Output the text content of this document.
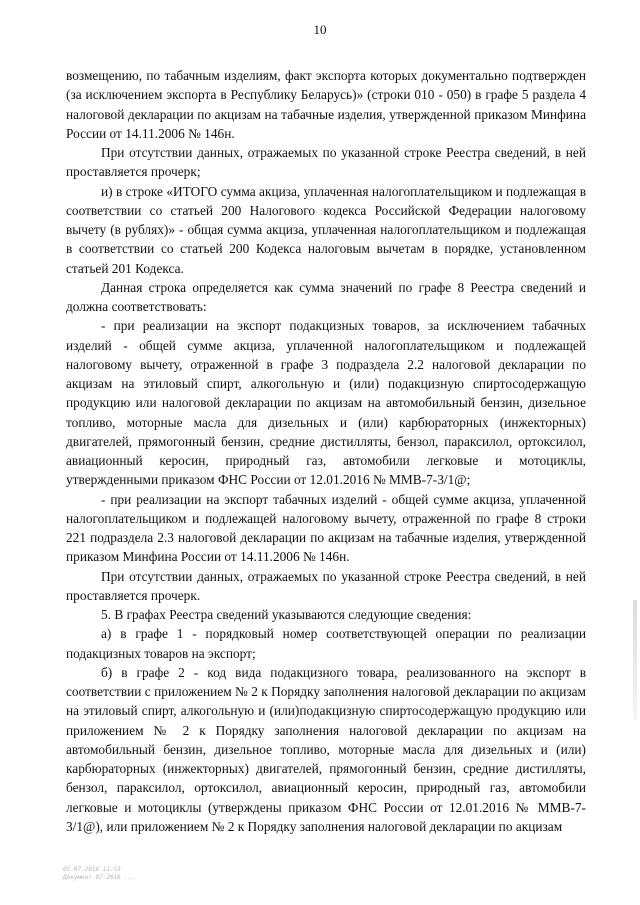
10

возмещению, по табачным изделиям, факт экспорта которых документально подтвержден (за исключением экспорта в Республику Беларусь)» (строки 010 - 050) в графе 5 раздела 4 налоговой декларации по акцизам на табачные изделия, утвержденной приказом Минфина России от 14.11.2006 № 146н.

При отсутствии данных, отражаемых по указанной строке Реестра сведений, в ней проставляется прочерк;

и) в строке «ИТОГО сумма акциза, уплаченная налогоплательщиком и подлежащая в соответствии со статьей 200 Налогового кодекса Российской Федерации налоговому вычету (в рублях)» - общая сумма акциза, уплаченная налогоплательщиком и подлежащая в соответствии со статьей 200 Кодекса налоговым вычетам в порядке, установленном статьей 201 Кодекса.

Данная строка определяется как сумма значений по графе 8 Реестра сведений и должна соответствовать:

- при реализации на экспорт подакцизных товаров, за исключением табачных изделий - общей сумме акциза, уплаченной налогоплательщиком и подлежащей налоговому вычету, отраженной в графе 3 подраздела 2.2 налоговой декларации по акцизам на этиловый спирт, алкогольную и (или) подакцизную спиртосодержащую продукцию или налоговой декларации по акцизам на автомобильный бензин, дизельное топливо, моторные масла для дизельных и (или) карбюраторных (инжекторных) двигателей, прямогонный бензин, средние дистилляты, бензол, параксилол, ортоксилол, авиационный керосин, природный газ, автомобили легковые и мотоциклы, утвержденными приказом ФНС России от 12.01.2016 № ММВ-7-3/1@;

- при реализации на экспорт табачных изделий - общей сумме акциза, уплаченной налогоплательщиком и подлежащей налоговому вычету, отраженной по графе 8 строки 221 подраздела 2.3 налоговой декларации по акцизам на табачные изделия, утвержденной приказом Минфина России от 14.11.2006 № 146н.

При отсутствии данных, отражаемых по указанной строке Реестра сведений, в ней проставляется прочерк.

5. В графах Реестра сведений указываются следующие сведения:

а) в графе 1 - порядковый номер соответствующей операции по реализации подакцизных товаров на экспорт;

б) в графе 2 - код вида подакцизного товара, реализованного на экспорт в соответствии с приложением № 2 к Порядку заполнения налоговой декларации по акцизам на этиловый спирт, алкогольную и (или)подакцизную спиртосодержащую продукцию или приложением № 2 к Порядку заполнения налоговой декларации по акцизам на автомобильный бензин, дизельное топливо, моторные масла для дизельных и (или) карбюраторных (инжекторных) двигателей, прямогонный бензин, средние дистилляты, бензол, параксилол, ортоксилол, авиационный керосин, природный газ, автомобили легковые и мотоциклы (утверждены приказом ФНС России от 12.01.2016 № ММВ-7-3/1@), или приложением № 2 к Порядку заполнения налоговой декларации по акцизам

05.07.2016 11:53
Документ 07-2016 ...
